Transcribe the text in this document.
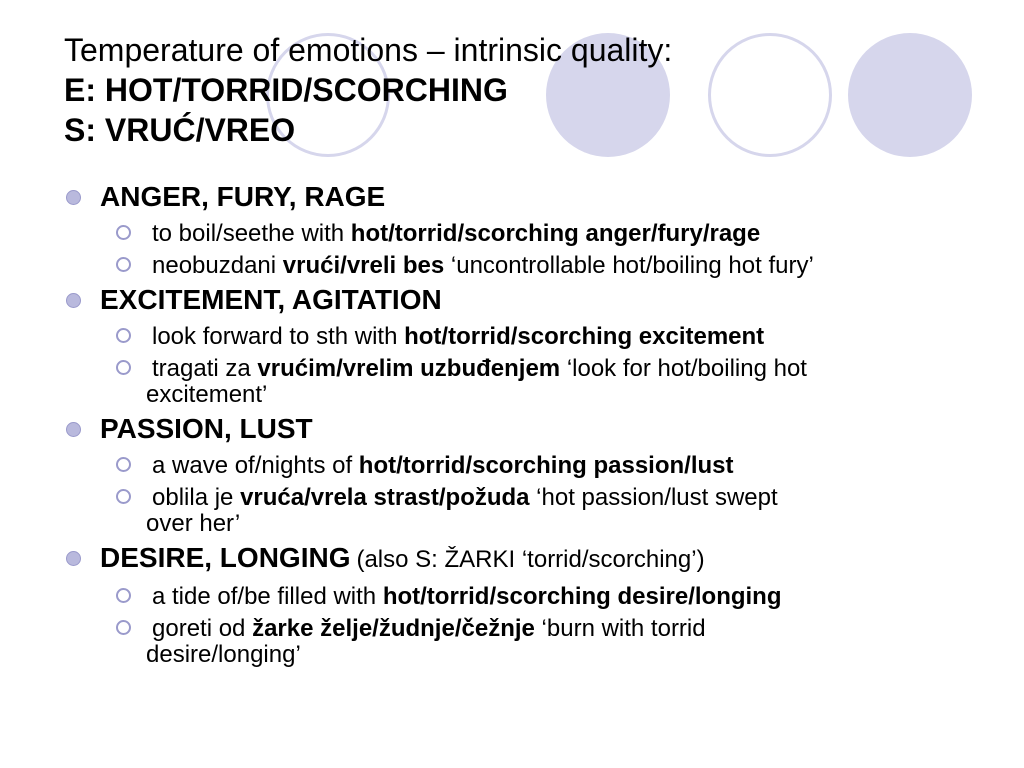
Temperature of emotions – intrinsic quality:
E: HOT/TORRID/SCORCHING
S: VRUĆ/VREO
ANGER, FURY, RAGE
to boil/seethe with hot/torrid/scorching anger/fury/rage
neobuzdani vrući/vreli bes ‘uncontrollable hot/boiling hot fury’
EXCITEMENT, AGITATION
look forward to sth with hot/torrid/scorching excitement
tragati za vrućim/vrelim uzbuđenjem ‘look for hot/boiling hot
excitement’
PASSION, LUST
a wave of/nights of hot/torrid/scorching passion/lust
oblila je vruća/vrela strast/požuda ‘hot passion/lust swept
over her’
DESIRE, LONGING (also S: ŽARKI ‘torrid/scorching’)
a tide of/be filled with hot/torrid/scorching desire/longing
goreti od žarke želje/žudnje/čežnje ‘burn with torrid
desire/longing’
